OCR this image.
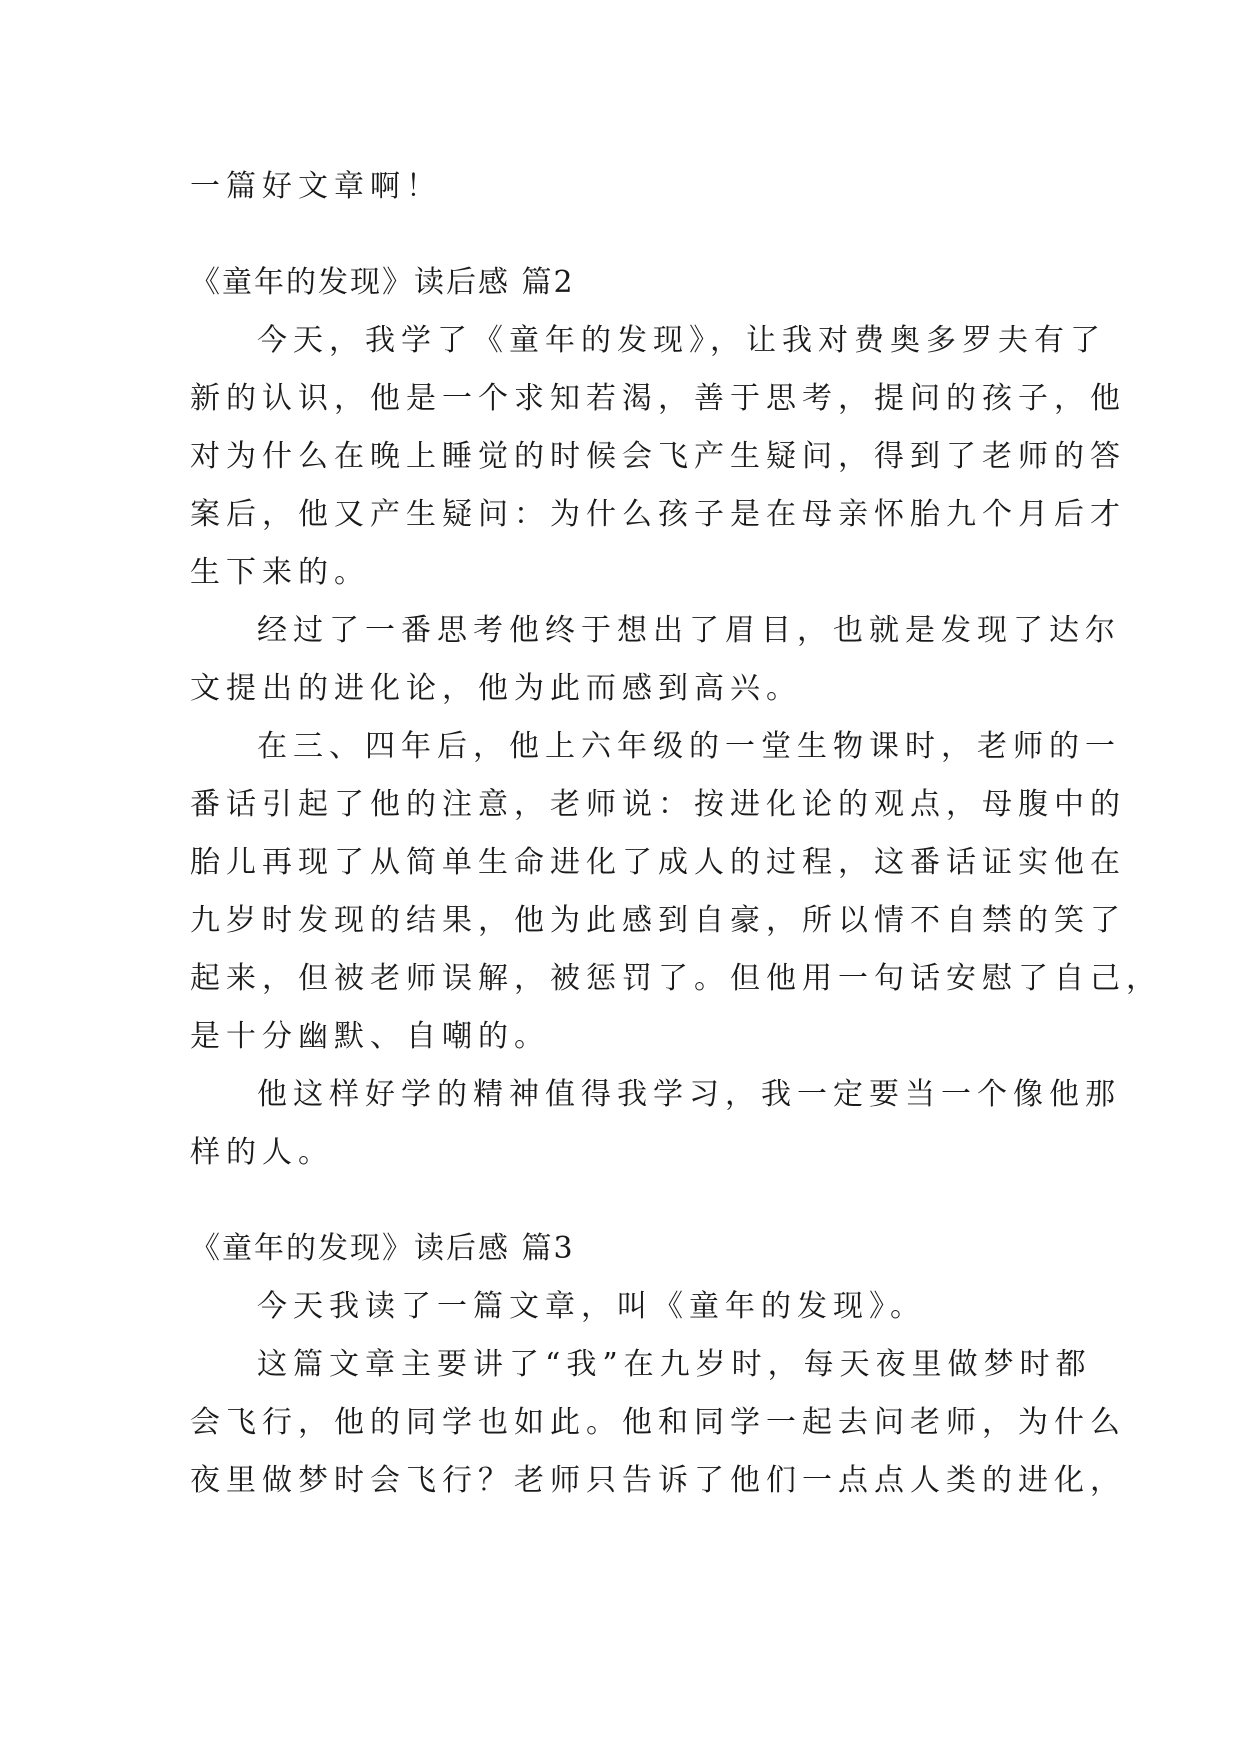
一篇好文章啊！

《童年的发现》读后感 篇2

今天，我学了《童年的发现》，让我对费奥多罗夫有了

新的认识，他是一个求知若渴，善于思考，提问的孩子，他

对为什么在晚上睡觉的时候会飞产生疑问，得到了老师的答

案后，他又产生疑问：为什么孩子是在母亲怀胎九个月后才

生下来的。

经过了一番思考他终于想出了眉目，也就是发现了达尔

文提出的进化论，他为此而感到高兴。

在三、四年后，他上六年级的一堂生物课时，老师的一

番话引起了他的注意，老师说：按进化论的观点，母腹中的

胎儿再现了从简单生命进化了成人的过程，这番话证实他在

九岁时发现的结果，他为此感到自豪，所以情不自禁的笑了

起来，但被老师误解，被惩罚了。但他用一句话安慰了自己，

是十分幽默、自嘲的。

他这样好学的精神值得我学习，我一定要当一个像他那

样的人。

《童年的发现》读后感 篇3

今天我读了一篇文章，叫《童年的发现》。

这篇文章主要讲了“我”在九岁时，每天夜里做梦时都

会飞行，他的同学也如此。他和同学一起去问老师，为什么

夜里做梦时会飞行？老师只告诉了他们一点点人类的进化，
